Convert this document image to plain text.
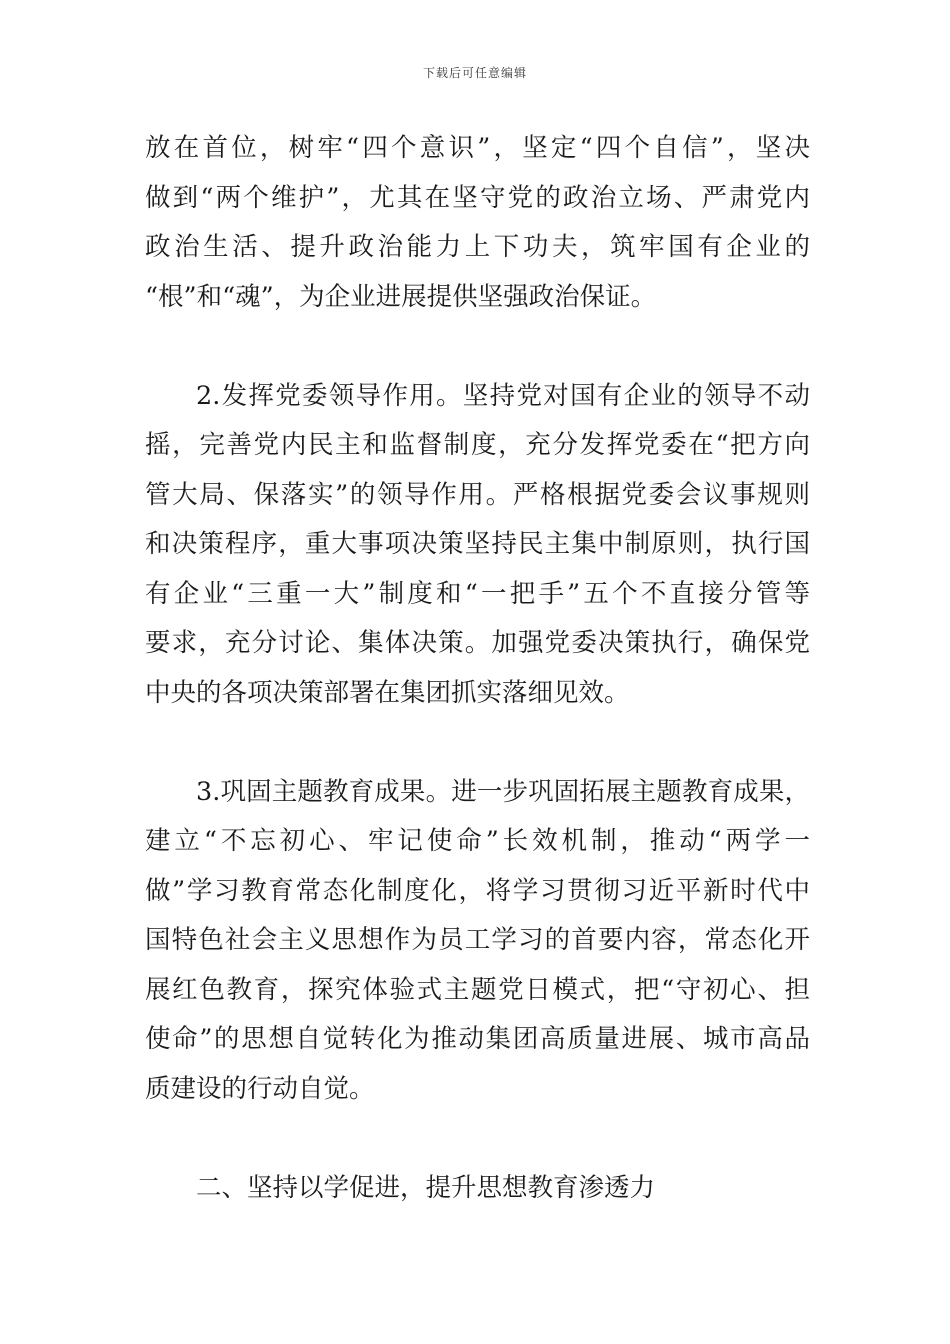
下载后可任意编辑
放在首位，树牢“四个意识”，坚定“四个自信”，坚决
做到“两个维护”，尤其在坚守党的政治立场、严肃党内
政治生活、提升政治能力上下功夫，筑牢国有企业的
“根”和“魂”，为企业进展提供坚强政治保证。
2.发挥党委领导作用。坚持党对国有企业的领导不动
摇，完善党内民主和监督制度，充分发挥党委在“把方向
管大局、保落实”的领导作用。严格根据党委会议事规则
和决策程序，重大事项决策坚持民主集中制原则，执行国
有企业“三重一大”制度和“一把手”五个不直接分管等
要求，充分讨论、集体决策。加强党委决策执行，确保党
中央的各项决策部署在集团抓实落细见效。
3.巩固主题教育成果。进一步巩固拓展主题教育成果，
建立“不忘初心、牢记使命”长效机制，推动“两学一
做”学习教育常态化制度化，将学习贯彻习近平新时代中
国特色社会主义思想作为员工学习的首要内容，常态化开
展红色教育，探究体验式主题党日模式，把“守初心、担
使命”的思想自觉转化为推动集团高质量进展、城市高品
质建设的行动自觉。
二、坚持以学促进，提升思想教育渗透力
